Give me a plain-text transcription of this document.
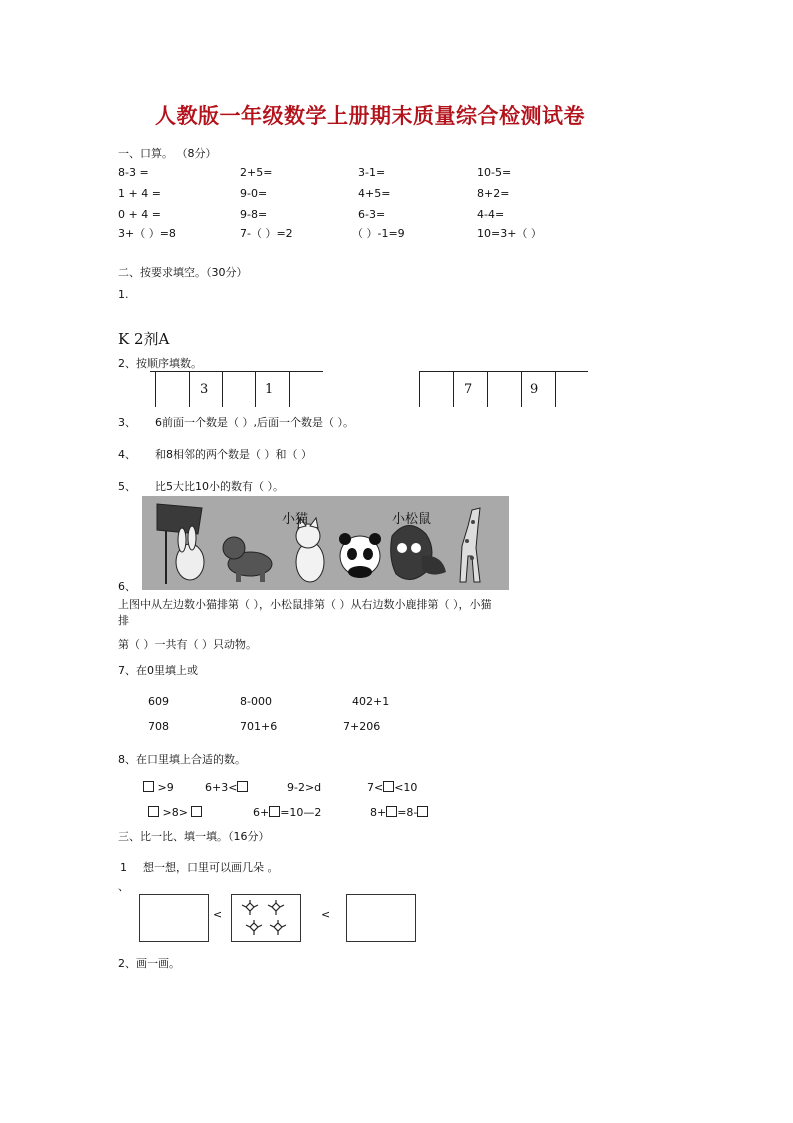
人教版一年级数学上册期末质量综合检测试卷
一、口算。 （8分）
8-3 =	2+5=	3-1=	10-5=
1 + 4 =	9-0=	4+5=	8+2=
0 + 4 =	9-8=	6-3=	4-4=
3+（ ）=8	7-（ ）=2	（ ）-1=9	10=3+（ ）
二、按要求填空。（30分）
1.
K 2剂A
2、按顺序填数。
3	1	7	9
3、 6前面一个数是（ ）,后面一个数是（ ）。
4、 和8相邻的两个数是（ ）和（ ）
5、 比5大比10小的数有（ ）。
小猫	小松鼠
6、
上图中从左边数小猫排第（ ），小松鼠排第（ ）从右边数小鹿排第（ ），小猫
排
第（ ）一共有（ ）只动物。
7、在0里填上或
609	8-000	402+1
708	701+6	7+206
8、在口里填上合适的数。
>9	6+3<	9-2>d	7< <10
>8>	6+ =10—2	8+ =8-
三、比一比、填一填。（16分）
1
、
想一想，口里可以画几朵 。
<	<
2、画一画。
